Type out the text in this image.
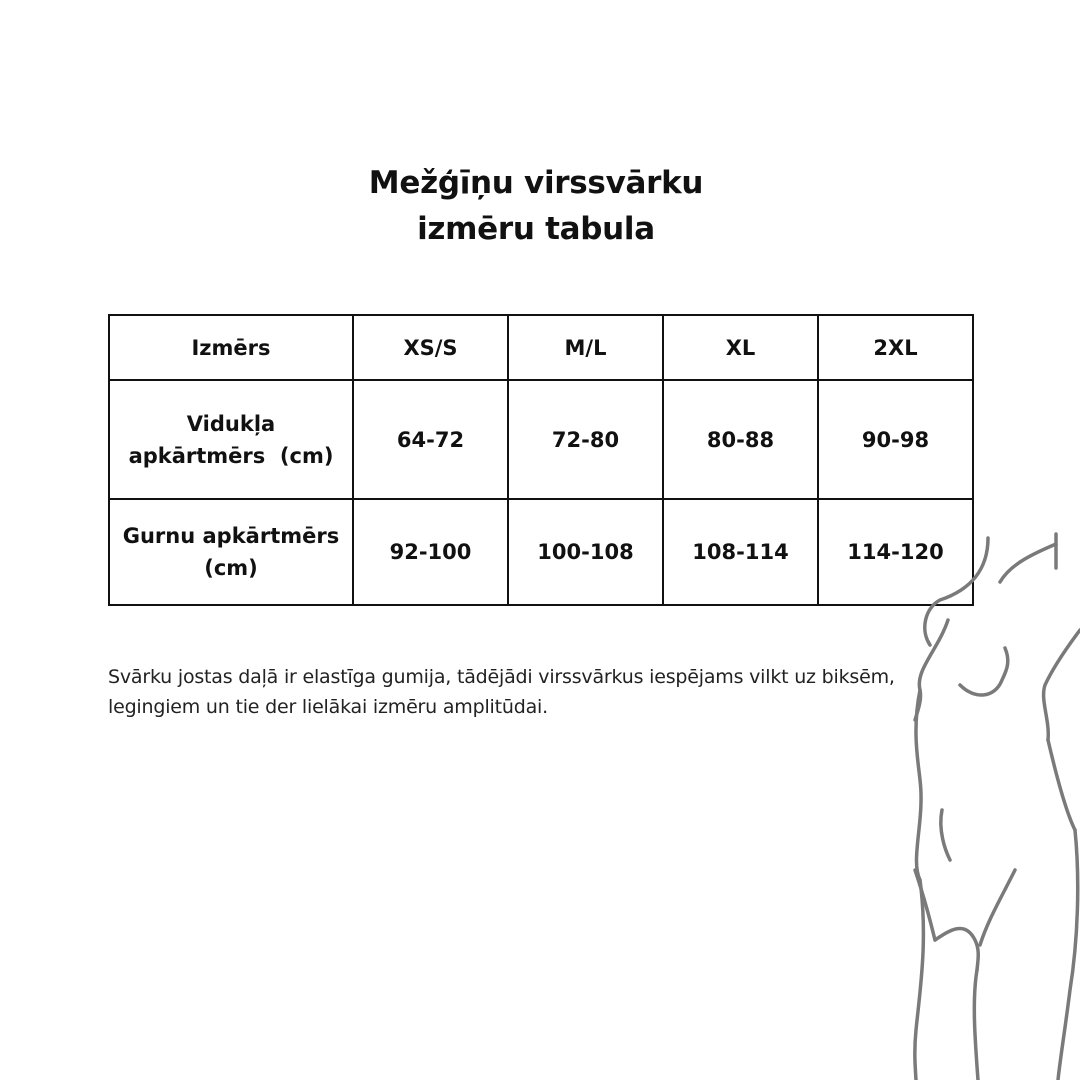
Mežģīņu virssvārku
izmēru tabula
Izmērs	XS/S	M/L	XL	2XL

Vidukļa
apkārtmērs  (cm)	64-72	72-80	80-88	90-98

Gurnu apkārtmērs
(cm)	92-100	100-108	108-114	114-120

Svārku jostas daļā ir elastīga gumija, tādējādi virssvārkus iespējams vilkt uz biksēm,
legingiem un tie der lielākai izmēru amplitūdai.
